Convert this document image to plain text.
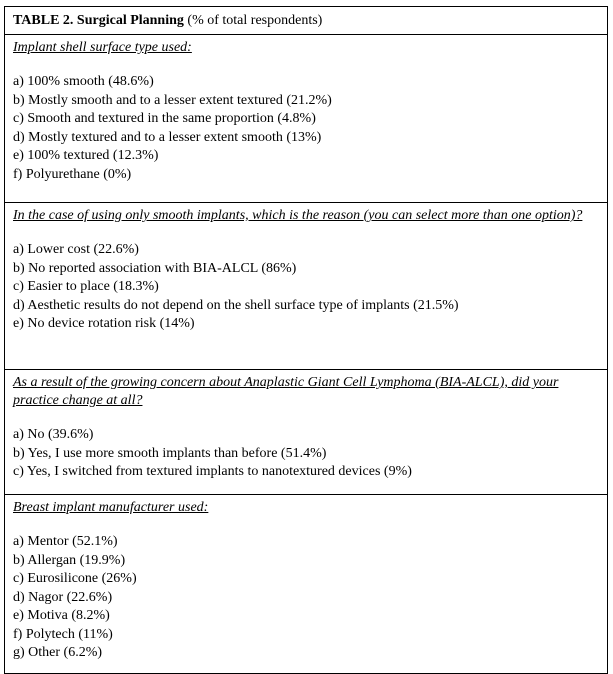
TABLE 2. Surgical Planning (% of total respondents)
Implant shell surface type used:
a) 100% smooth (48.6%)
b) Mostly smooth and to a lesser extent textured (21.2%)
c) Smooth and textured in the same proportion (4.8%)
d) Mostly textured and to a lesser extent smooth (13%)
e) 100% textured (12.3%)
f) Polyurethane (0%)
In the case of using only smooth implants, which is the reason (you can select more than one option)?
a) Lower cost (22.6%)
b) No reported association with BIA-ALCL (86%)
c) Easier to place (18.3%)
d) Aesthetic results do not depend on the shell surface type of implants (21.5%)
e) No device rotation risk (14%)
As a result of the growing concern about Anaplastic Giant Cell Lymphoma (BIA-ALCL), did your practice change at all?
a) No (39.6%)
b) Yes, I use more smooth implants than before (51.4%)
c) Yes, I switched from textured implants to nanotextured devices (9%)
Breast implant manufacturer used:
a) Mentor (52.1%)
b) Allergan (19.9%)
c) Eurosilicone (26%)
d) Nagor (22.6%)
e) Motiva (8.2%)
f) Polytech (11%)
g) Other (6.2%)
